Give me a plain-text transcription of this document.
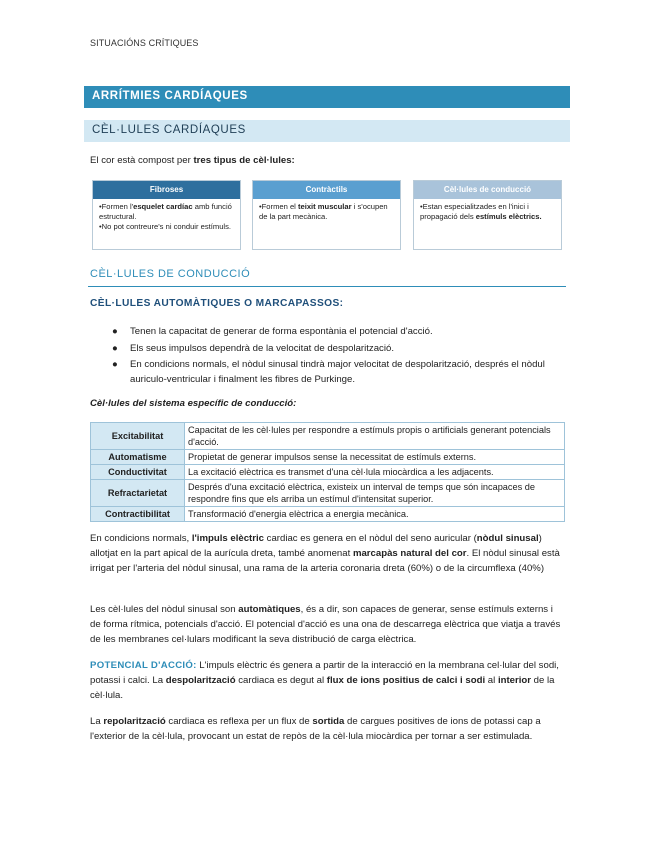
SITUACIÓNS CRÍTIQUES
ARRÍTMIES CARDÍAQUES
CÈL·LULES CARDÍAQUES
El cor està compost per tres tipus de cèl·lules:
Fibroses
•Formen l'esquelet cardíac amb funció estructural.
•No pot contreure's ni conduir estímuls.
Contràctils
•Formen el teixit muscular i s'ocupen de la part mecànica.
Cèl·lules de conducció
•Estan especialitzades en l'inici i propagació dels estímuls elèctrics.
CÈL·LULES DE CONDUCCIÓ
CÈL·LULES AUTOMÀTIQUES O MARCAPASSOS:
● Tenen la capacitat de generar de forma espontània el potencial d'acció.
● Els seus impulsos dependrà de la velocitat de despolarització.
● En condicions normals, el nòdul sinusal tindrà major velocitat de despolarització, després el nòdul auriculo-ventricular i finalment les fibres de Purkinge.
Cèl·lules del sistema específic de conducció:
Excitabilitat	Capacitat de les cèl·lules per respondre a estímuls propis o artificials generant potencials d'acció.
Automatisme	Propietat de generar impulsos sense la necessitat de estímuls externs.
Conductivitat	La excitació elèctrica es transmet d'una cèl·lula miocàrdica a les adjacents.
Refractarietat	Després d'una excitació elèctrica, existeix un interval de temps que són incapaces de respondre fins que els arriba un estímul d'intensitat superior.
Contractibilitat	Transformació d'energia elèctrica a energia mecànica.
En condicions normals, l'impuls elèctric cardiac es genera en el nòdul del seno auricular (nòdul sinusal) allotjat en la part apical de la aurícula dreta, també anomenat marcapàs natural del cor. El nòdul sinusal està irrigat per l'arteria del nòdul sinusal, una rama de la arteria coronaria dreta (60%) o de la circumflexa (40%)
Les cèl·lules del nòdul sinusal son automàtiques, és a dir, son capaces de generar, sense estímuls externs i de forma rítmica, potencials d'acció. El potencial d'acció es una ona de descarrega elèctrica que viatja a través de les membranes cel·lulars modificant la seva distribució de carga elèctrica.
POTENCIAL D'ACCIÓ: L'impuls elèctric és genera a partir de la interacció en la membrana cel·lular del sodi, potassi i calci. La despolarització cardiaca es degut al flux de ions positius de calci i sodi al interior de la cèl·lula.
La repolarització cardiaca es reflexa per un flux de sortida de cargues positives de ions de potassi cap a l'exterior de la cèl·lula, provocant un estat de repòs de la cèl·lula miocàrdica per tornar a ser estimulada.
